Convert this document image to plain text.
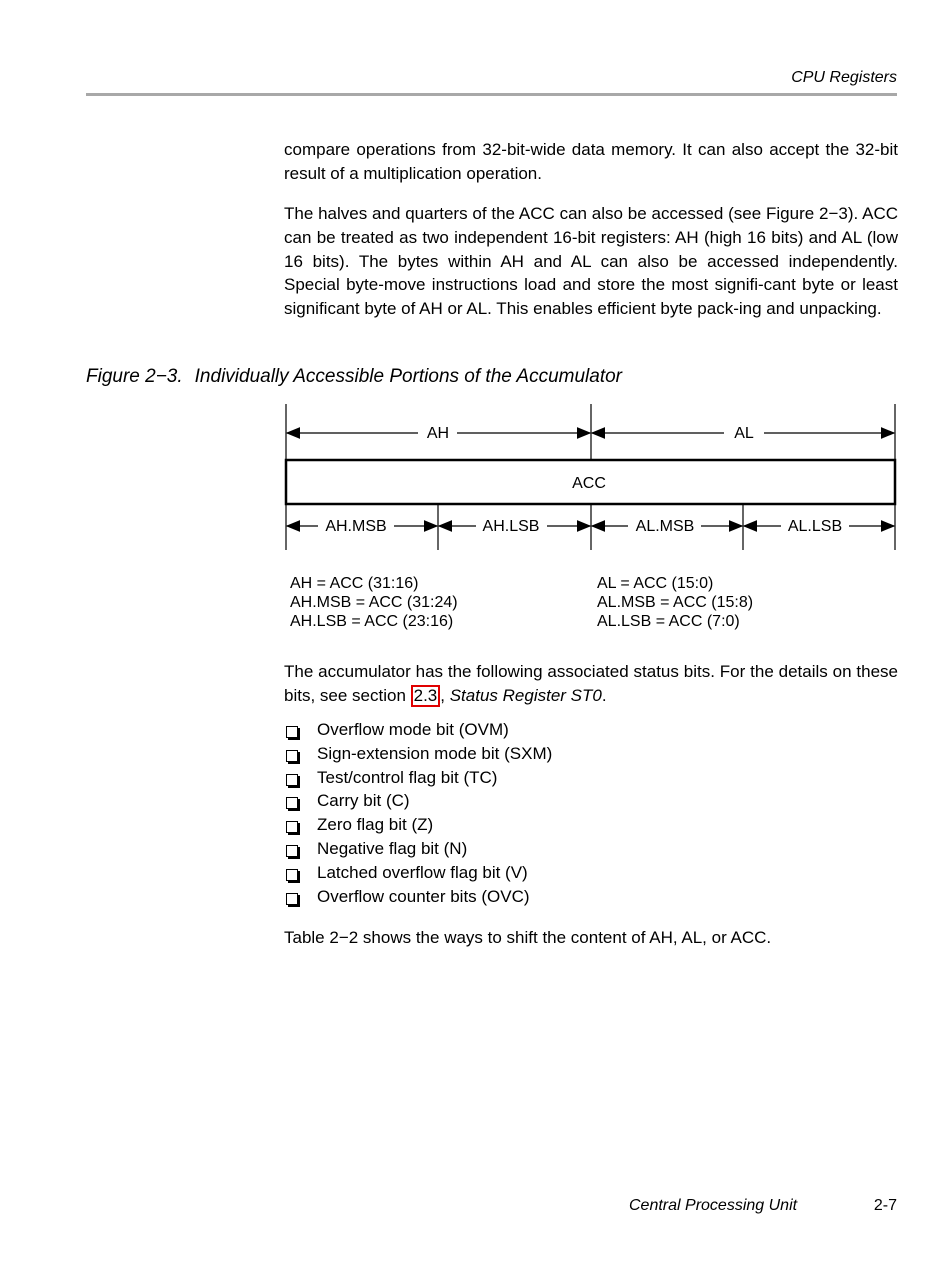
CPU Registers

compare operations from 32-bit-wide data memory. It can also accept the 32-bit result of a multiplication operation.

The halves and quarters of the ACC can also be accessed (see Figure 2−3). ACC can be treated as two independent 16-bit registers: AH (high 16 bits) and AL (low 16 bits). The bytes within AH and AL can also be accessed independently. Special byte-move instructions load and store the most signifi-cant byte or least significant byte of AH or AL. This enables efficient byte pack-ing and unpacking.

Figure 2−3. Individually Accessible Portions of the Accumulator
ACC
AH	AL
AH.MSB	AH.LSB	AL.MSB	AL.LSB
AH = ACC (31:16)
AH.MSB = ACC (31:24)
AH.LSB = ACC (23:16)
AL = ACC (15:0)
AL.MSB = ACC (15:8)
AL.LSB = ACC (7:0)

The accumulator has the following associated status bits. For the details on these bits, see section 2.3 , Status Register ST0.

Overflow mode bit (OVM)
Sign-extension mode bit (SXM)
Test/control flag bit (TC)
Carry bit (C)
Zero flag bit (Z)
Negative flag bit (N)
Latched overflow flag bit (V)
Overflow counter bits (OVC)

Table 2−2 shows the ways to shift the content of AH, AL, or ACC.

Central Processing Unit	2-7
